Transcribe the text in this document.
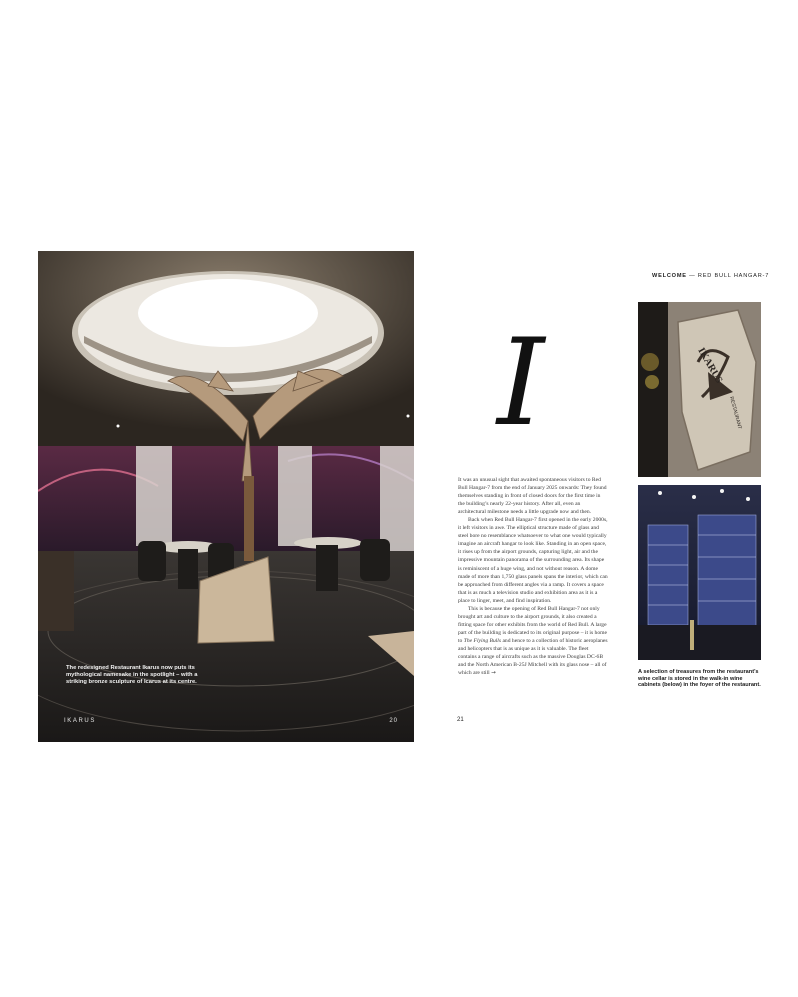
The redesigned Restaurant Ikarus now puts its mythological namesake in the spotlight – with a striking bronze sculpture of Icarus at its centre.
IKARUS	20
WELCOME — RED BULL HANGAR-7
I

It was an unusual sight that awaited spontaneous visitors to Red Bull Hangar-7 from the end of January 2025 onwards: They found themselves standing in front of closed doors for the first time in the building’s nearly 22-year history. After all, even an architectural milestone needs a little upgrade now and then.

Back when Red Bull Hangar-7 first opened in the early 2000s, it left visitors in awe. The elliptical structure made of glass and steel bore no resemblance whatsoever to what one would typically imagine an aircraft hangar to look like. Standing in an open space, it rises up from the airport grounds, capturing light, air and the impressive mountain panorama of the surrounding area. Its shape is reminiscent of a huge wing, and not without reason. A dome made of more than 1,750 glass panels spans the interior, which can be approached from different angles via a ramp. It covers a space that is as much a television studio and exhibition area as it is a place to linger, meet, and find inspiration.

This is because the opening of Red Bull Hangar-7 not only brought art and culture to the airport grounds, it also created a fitting space for other exhibits from the world of Red Bull. A large part of the building is dedicated to its original purpose – it is home to The Flying Bulls and hence to a collection of historic aeroplanes and helicopters that is as unique as it is valuable. The fleet contains a range of aircrafts such as the massive Douglas DC-6B and the North American B-25J Mitchell with its glass nose – all of which are still →

21
IKARUS
RESTAURANT
A selection of treasures from the restaurant’s wine cellar is stored in the walk-in wine cabinets (below) in the foyer of the restaurant.
